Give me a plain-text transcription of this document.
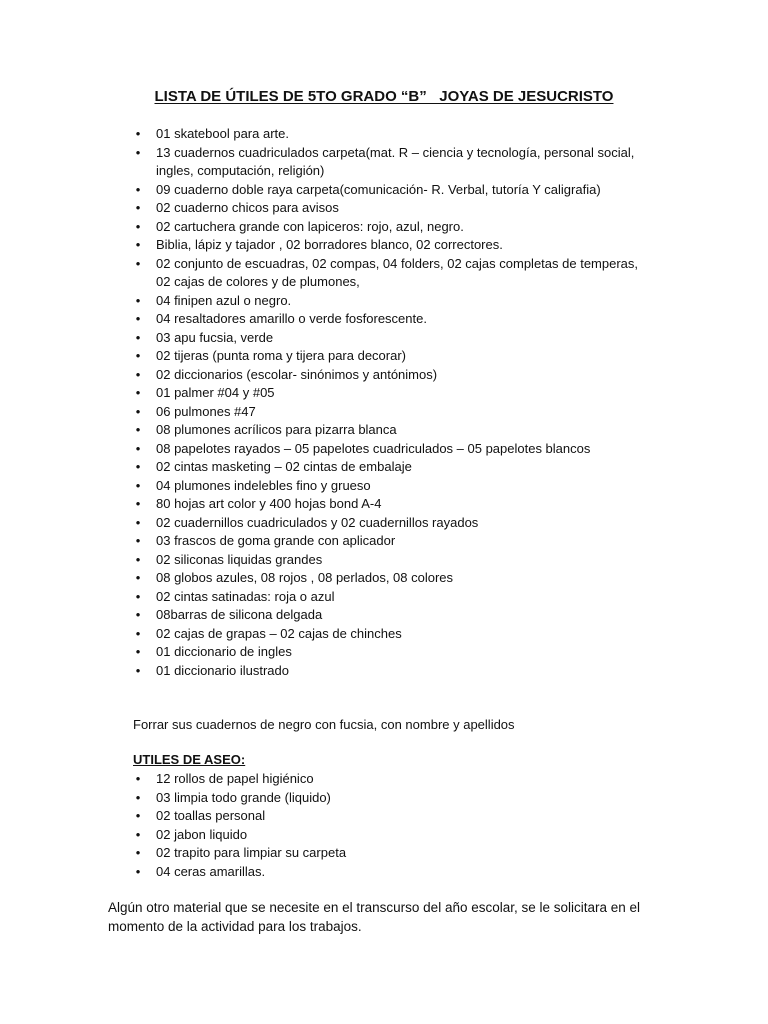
LISTA DE ÚTILES DE 5TO GRADO “B”   JOYAS DE JESUCRISTO
• 01 skatebool para arte.
• 13 cuadernos cuadriculados carpeta(mat. R – ciencia y tecnología, personal social, ingles, computación, religión)
• 09 cuaderno doble raya carpeta(comunicación- R. Verbal, tutoría Y caligrafia)
• 02 cuaderno chicos para avisos
• 02 cartuchera grande con lapiceros: rojo, azul, negro.
• Biblia, lápiz y tajador , 02 borradores blanco, 02 correctores.
• 02 conjunto de escuadras, 02 compas, 04 folders, 02 cajas completas de temperas, 02 cajas de colores y de plumones,
• 04 finipen azul o negro.
• 04 resaltadores amarillo o verde fosforescente.
• 03 apu fucsia, verde
• 02 tijeras (punta roma y tijera para decorar)
• 02 diccionarios (escolar- sinónimos y antónimos)
• 01 palmer #04 y #05
• 06 pulmones #47
• 08 plumones acrílicos para pizarra blanca
• 08 papelotes rayados – 05 papelotes cuadriculados – 05 papelotes blancos
• 02 cintas masketing – 02 cintas de embalaje
• 04 plumones indelebles fino y grueso
• 80 hojas art color y 400 hojas bond A-4
• 02 cuadernillos cuadriculados y 02 cuadernillos rayados
• 03 frascos de goma grande con aplicador
• 02 siliconas liquidas grandes
• 08 globos azules, 08 rojos , 08 perlados, 08 colores
• 02 cintas satinadas: roja o azul
• 08barras de silicona delgada
• 02 cajas de grapas – 02 cajas de chinches
• 01 diccionario de ingles
• 01 diccionario ilustrado
Forrar sus cuadernos de negro con fucsia, con nombre y apellidos
UTILES DE ASEO:
• 12 rollos de papel higiénico
• 03 limpia todo grande (liquido)
• 02 toallas personal
• 02 jabon liquido
• 02 trapito para limpiar su carpeta
• 04 ceras amarillas.
Algún otro material que se necesite en el transcurso del año escolar, se le solicitara en el momento de la actividad para los trabajos.
